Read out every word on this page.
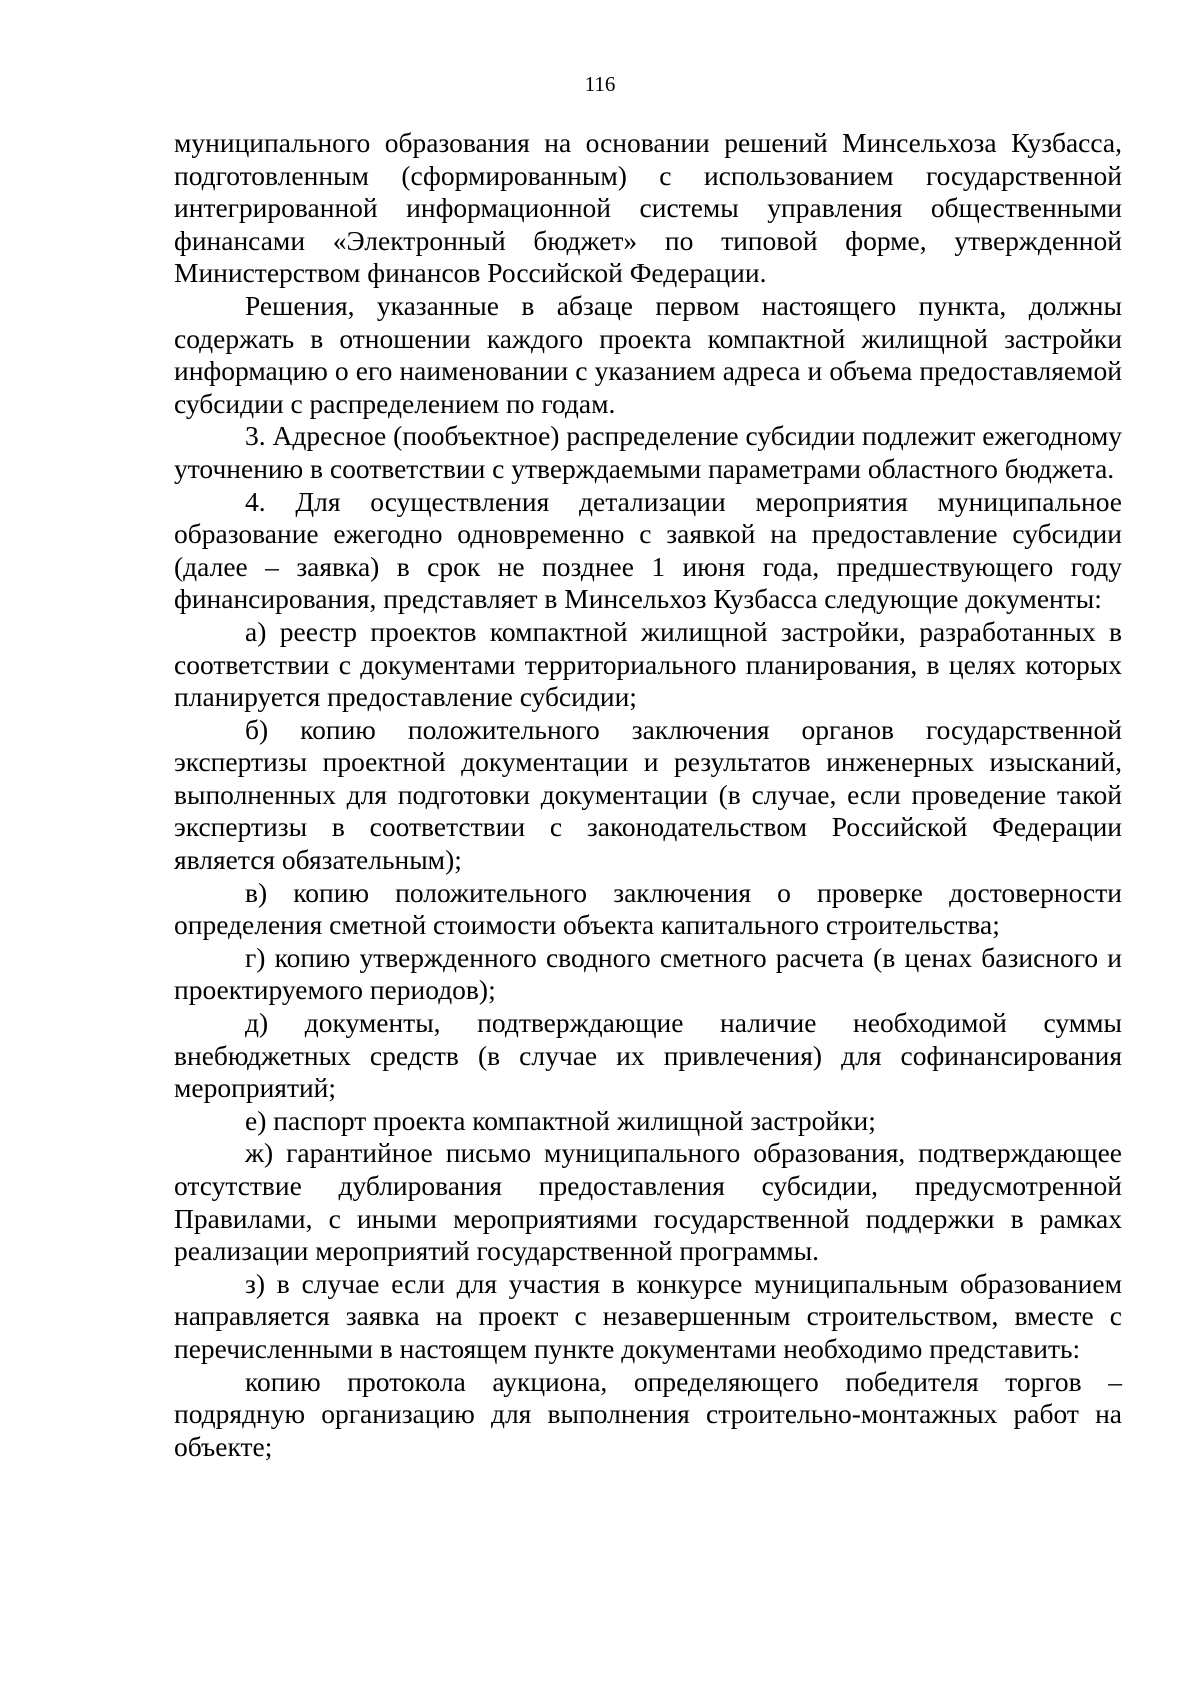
116

муниципального образования на основании решений Минсельхоза Кузбасса, подготовленным (сформированным) с использованием государственной интегрированной информационной системы управления общественными финансами «Электронный бюджет» по типовой форме, утвержденной Министерством финансов Российской Федерации.

Решения, указанные в абзаце первом настоящего пункта, должны содержать в отношении каждого проекта компактной жилищной застройки информацию о его наименовании с указанием адреса и объема предоставляемой субсидии с распределением по годам.

3. Адресное (пообъектное) распределение субсидии подлежит ежегодному уточнению в соответствии с утверждаемыми параметрами областного бюджета.

4. Для осуществления детализации мероприятия муниципальное образование ежегодно одновременно с заявкой на предоставление субсидии (далее – заявка) в срок не позднее 1 июня года, предшествующего году финансирования, представляет в Минсельхоз Кузбасса следующие документы:

а) реестр проектов компактной жилищной застройки, разработанных в соответствии с документами территориального планирования, в целях которых планируется предоставление субсидии;

б) копию положительного заключения органов государственной экспертизы проектной документации и результатов инженерных изысканий, выполненных для подготовки документации (в случае, если проведение такой экспертизы в соответствии с законодательством Российской Федерации является обязательным);

в) копию положительного заключения о проверке достоверности определения сметной стоимости объекта капитального строительства;

г) копию утвержденного сводного сметного расчета (в ценах базисного и проектируемого периодов);

д) документы, подтверждающие наличие необходимой суммы внебюджетных средств (в случае их привлечения) для софинансирования мероприятий;

е) паспорт проекта компактной жилищной застройки;

ж) гарантийное письмо муниципального образования, подтверждающее отсутствие дублирования предоставления субсидии, предусмотренной Правилами, с иными мероприятиями государственной поддержки в рамках реализации мероприятий государственной программы.

з) в случае если для участия в конкурсе муниципальным образованием направляется заявка на проект с незавершенным строительством, вместе с перечисленными в настоящем пункте документами необходимо представить:

копию протокола аукциона, определяющего победителя торгов – подрядную организацию для выполнения строительно-монтажных работ на объекте;
